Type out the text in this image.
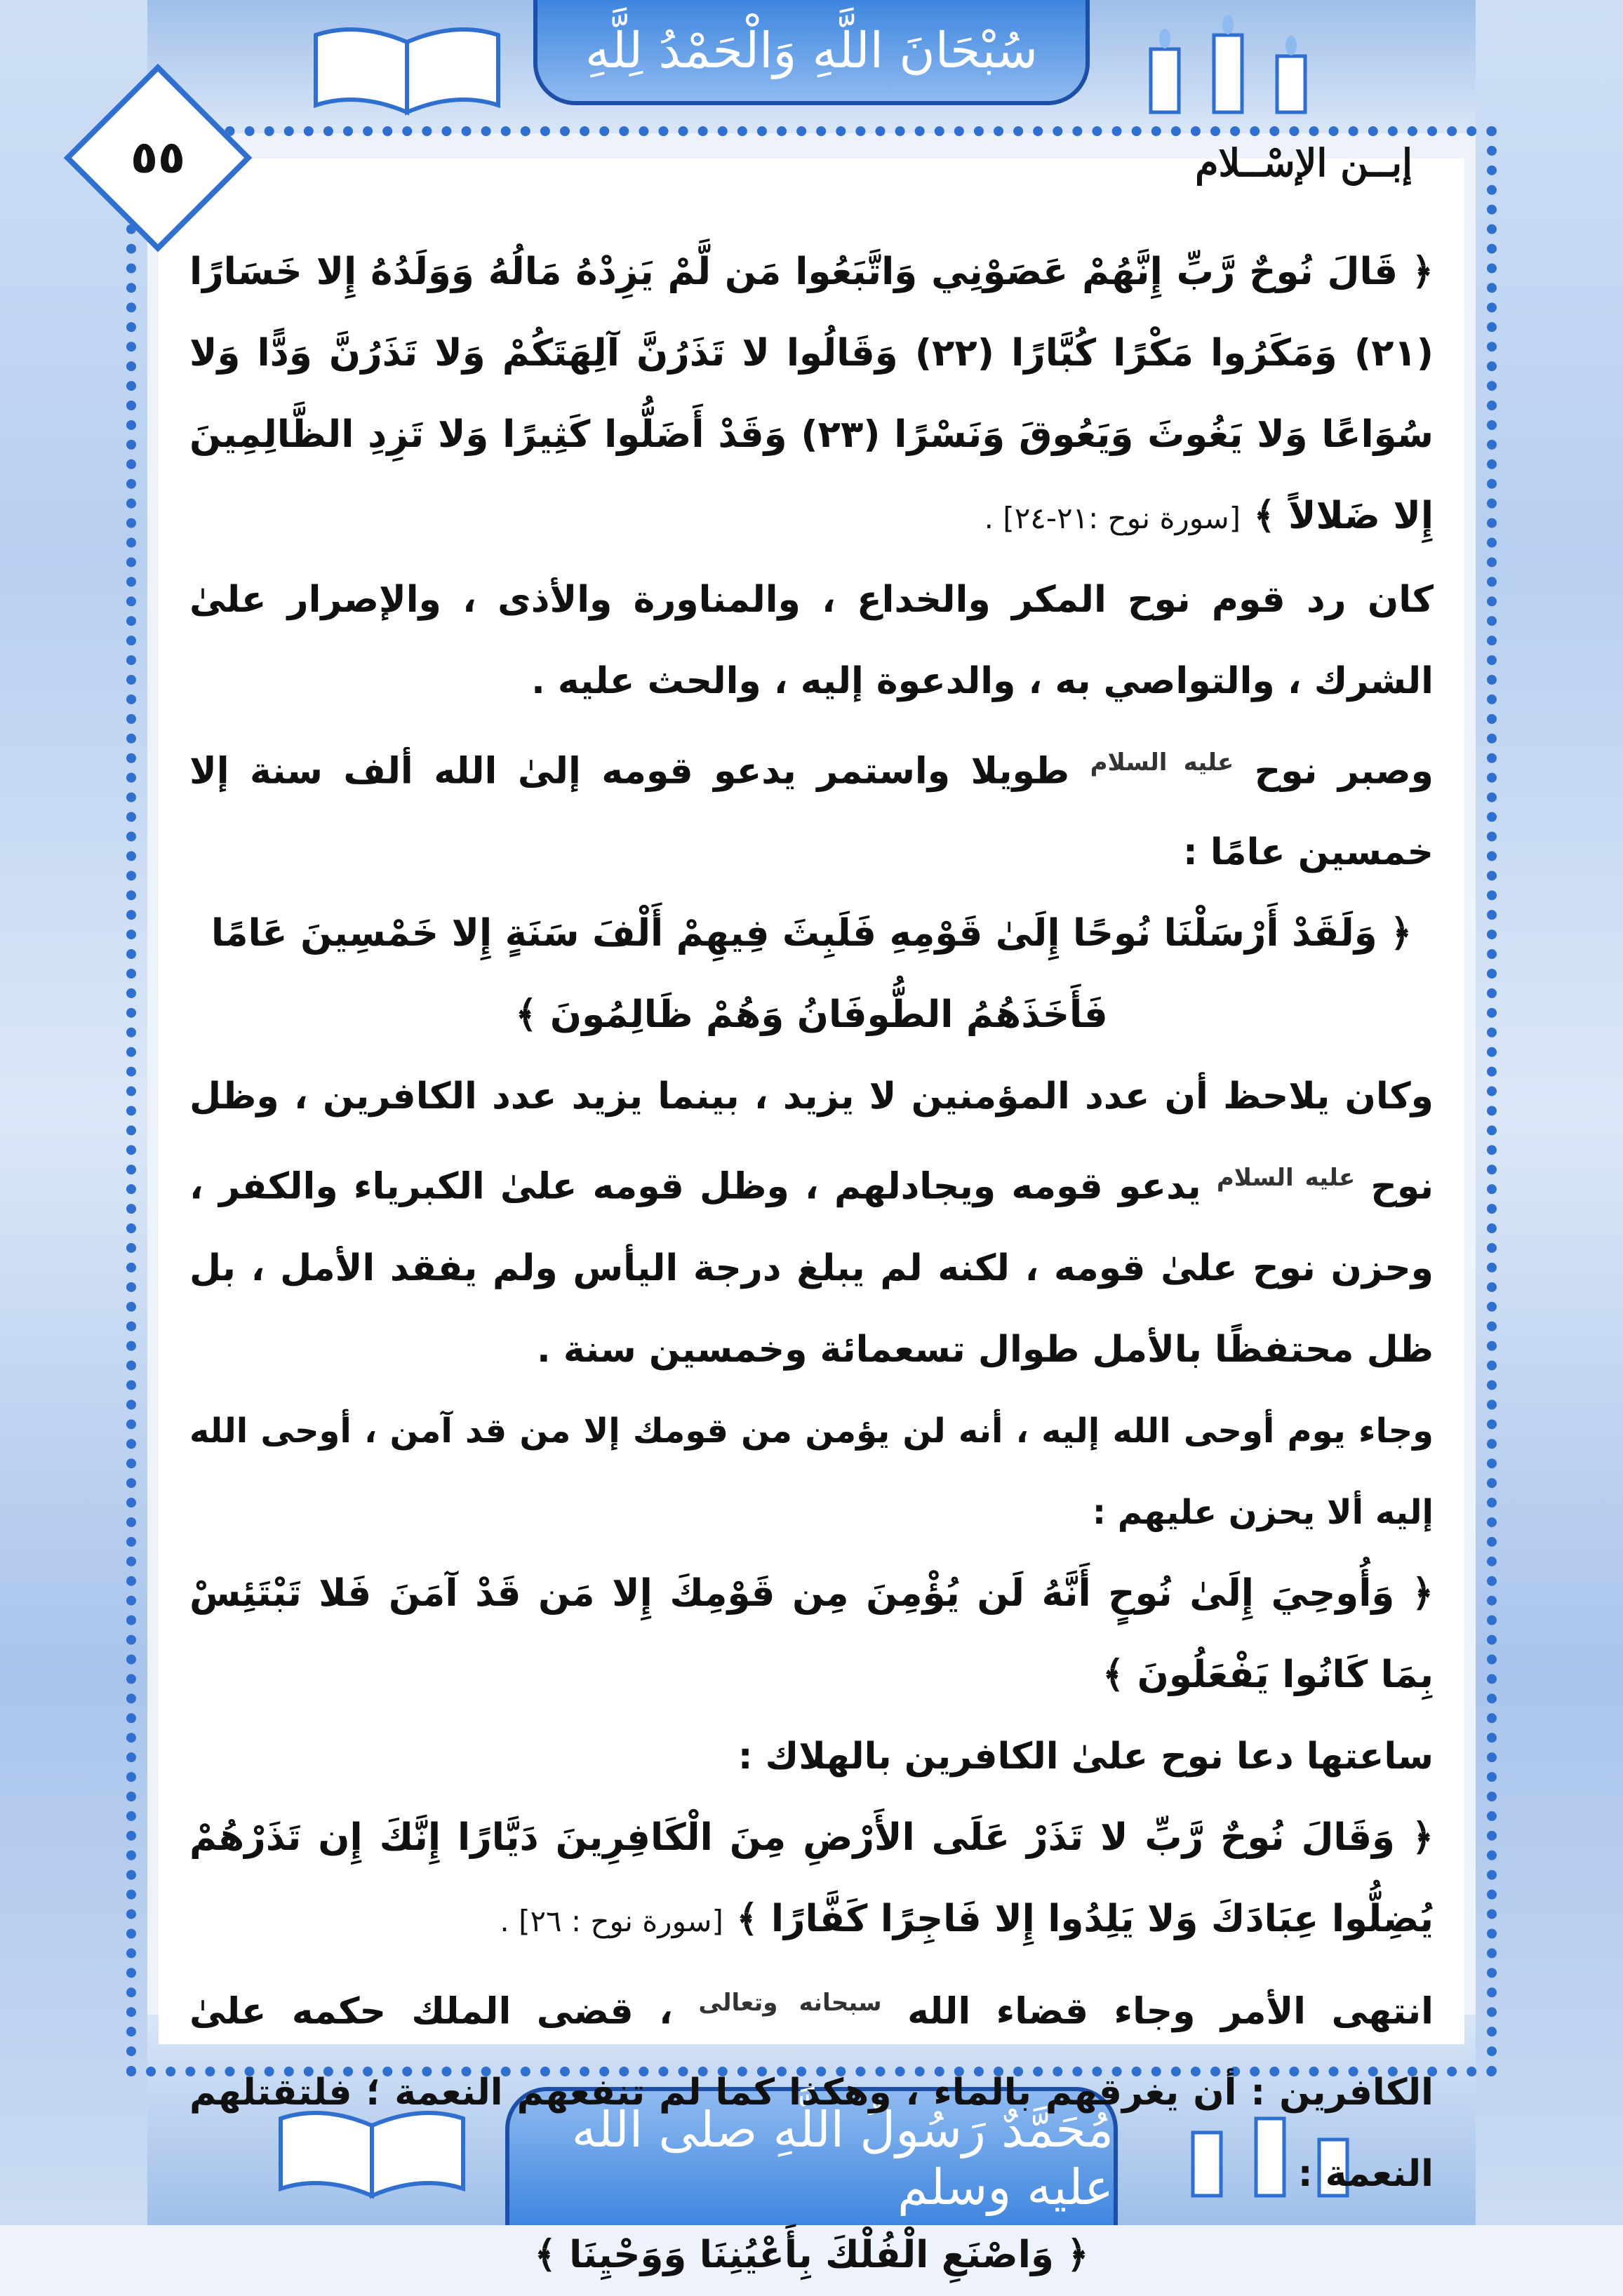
سُبْحَانَ اللَّهِ وَالْحَمْدُ لِلَّهِ
مُحَمَّدٌ رَسُولُ اللَّهِ صلى الله عليه وسلم
٥٥	إبــن الإسْــلام

﴿ قَالَ نُوحٌ رَّبِّ إِنَّهُمْ عَصَوْنِي وَاتَّبَعُوا مَن لَّمْ يَزِدْهُ مَالُهُ وَوَلَدُهُ إِلا خَسَارًا (٢١) وَمَكَرُوا مَكْرًا كُبَّارًا (٢٢) وَقَالُوا لا تَذَرُنَّ آلِهَتَكُمْ وَلا تَذَرُنَّ وَدًّا وَلا سُوَاعًا وَلا يَغُوثَ وَيَعُوقَ وَنَسْرًا (٢٣) وَقَدْ أَضَلُّوا كَثِيرًا وَلا تَزِدِ الظَّالِمِينَ إِلا ضَلالاً ﴾ [سورة نوح :٢١-٢٤] .

كان رد قوم نوح المكر والخداع ، والمناورة والأذى ، والإصرار علىٰ الشرك ، والتواصي به ، والدعوة إليه ، والحث عليه .

وصبر نوح $^{عليه السلام}$ طويلا واستمر يدعو قومه إلىٰ الله ألف سنة إلا خمسين عامًا :

﴿ وَلَقَدْ أَرْسَلْنَا نُوحًا إِلَىٰ قَوْمِهِ فَلَبِثَ فِيهِمْ أَلْفَ سَنَةٍ إِلا خَمْسِينَ عَامًا فَأَخَذَهُمُ الطُّوفَانُ وَهُمْ ظَالِمُونَ ﴾

وكان يلاحظ أن عدد المؤمنين لا يزيد ، بينما يزيد عدد الكافرين ، وظل نوح $^{عليه السلام}$ يدعو قومه ويجادلهم ، وظل قومه علىٰ الكبرياء والكفر ، وحزن نوح علىٰ قومه ، لكنه لم يبلغ درجة اليأس ولم يفقد الأمل ، بل ظل محتفظًا بالأمل طوال تسعمائة وخمسين سنة .

وجاء يوم أوحى الله إليه ، أنه لن يؤمن من قومك إلا من قد آمن ، أوحى الله إليه ألا يحزن عليهم :

﴿ وَأُوحِيَ إِلَىٰ نُوحٍ أَنَّهُ لَن يُؤْمِنَ مِن قَوْمِكَ إِلا مَن قَدْ آمَنَ فَلا تَبْتَئِسْ بِمَا كَانُوا يَفْعَلُونَ ﴾

ساعتها دعا نوح علىٰ الكافرين بالهلاك :

﴿ وَقَالَ نُوحٌ رَّبِّ لا تَذَرْ عَلَى الأَرْضِ مِنَ الْكَافِرِينَ دَيَّارًا إِنَّكَ إِن تَذَرْهُمْ يُضِلُّوا عِبَادَكَ وَلا يَلِدُوا إِلا فَاجِرًا كَفَّارًا ﴾ [سورة نوح : ٢٦] .

انتهى الأمر وجاء قضاء الله $^{سبحانه وتعالى}$ ، قضى الملك حكمه علىٰ الكافرين : أن يغرقهم بالماء ، وهكذا كما لم تنفعهم النعمة ؛ فلتقتلهم النعمة :

﴿ وَاصْنَعِ الْفُلْكَ بِأَعْيُنِنَا وَوَحْيِنَا ﴾
